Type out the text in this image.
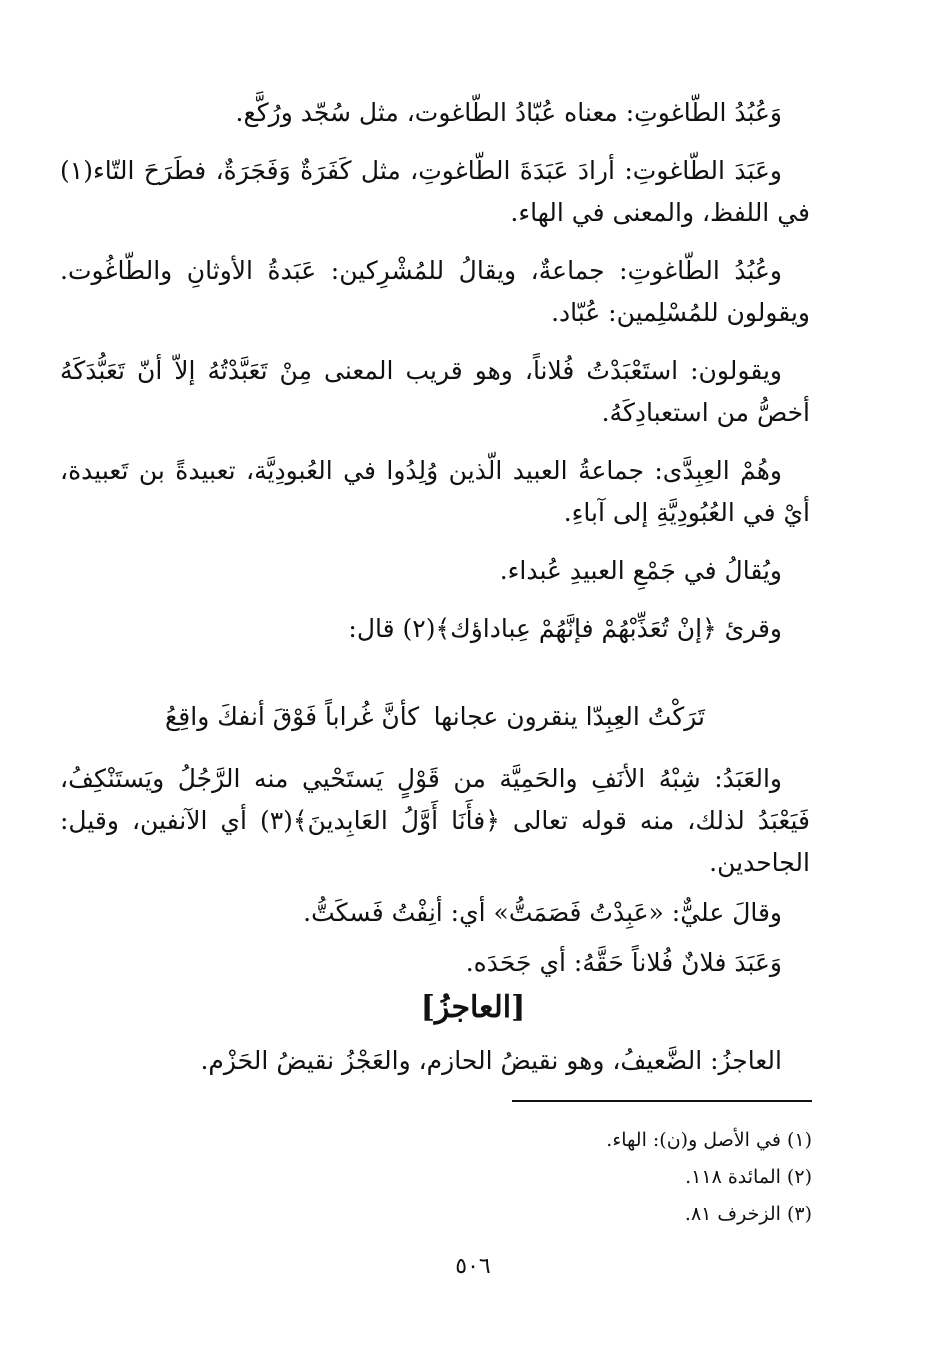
وَعُبُدُ الطّاغوتِ: معناه عُبّادُ الطّاغوت، مثل سُجّد ورُكَّع.

وعَبَدَ الطّاغوتِ: أرادَ عَبَدَةَ الطّاغوتِ، مثل كَفَرَةٌ وَفَجَرَةٌ، فطَرَحَ التّاء(١) في اللفظ، والمعنى في الهاء.

وعُبُدُ الطّاغوتِ: جماعةٌ، ويقالُ للمُشْرِكين: عَبَدةُ الأوثانِ والطّاغُوت. ويقولون للمُسْلِمين: عُبّاد.

ويقولون: استَعْبَدْتُ فُلاناً، وهو قريب المعنى مِنْ تَعَبَّدْتُهُ إلاّ أنّ تَعَبُّدَكَهُ أخصُّ من استعبادِكَهُ.

وهُمْ العِبِدَّى: جماعةُ العبيد الّذين وُلِدُوا في العُبودِيَّة، تعبيدةً بن تَعبيدة، أيْ في العُبُودِيَّةِ إلى آباءِ.

ويُقالُ في جَمْعِ العبيدِ عُبداء.

وقرئ ﴿إنْ تُعَذِّبْهُمْ فإنَّهُمْ عِباداؤك﴾(٢) قال:

تَرَكْتُ العِبِدّا ينقرون عجانها
كأنَّ غُراباً فَوْقَ أنفكَ واقِعُ

والعَبَدُ: شِبْهُ الأنَفِ والحَمِيَّة من قَوْلٍ يَستَحْيي منه الرَّجُلُ ويَستَنْكِفُ، فَيَعْبَدُ لذلك، منه قوله تعالى ﴿فأَنَا أَوَّلُ العَابِدينَ﴾(٣) أي الآنفين، وقيل: الجاحدين.

وقالَ عليٌّ: «عَبِدْتُ فَصَمَتُّ» أي: أنِفْتُ فَسكَتُّ.

وَعَبَدَ فلانٌ فُلاناً حَقَّهُ: أي جَحَدَه.

[العاجزُ]

العاجزُ: الضَّعيفُ، وهو نقيضُ الحازم، والعَجْزُ نقيضُ الحَزْم.

(١) في الأصل و(ن): الهاء.

(٢) المائدة ١١٨.

(٣) الزخرف ٨١.

٥٠٦
